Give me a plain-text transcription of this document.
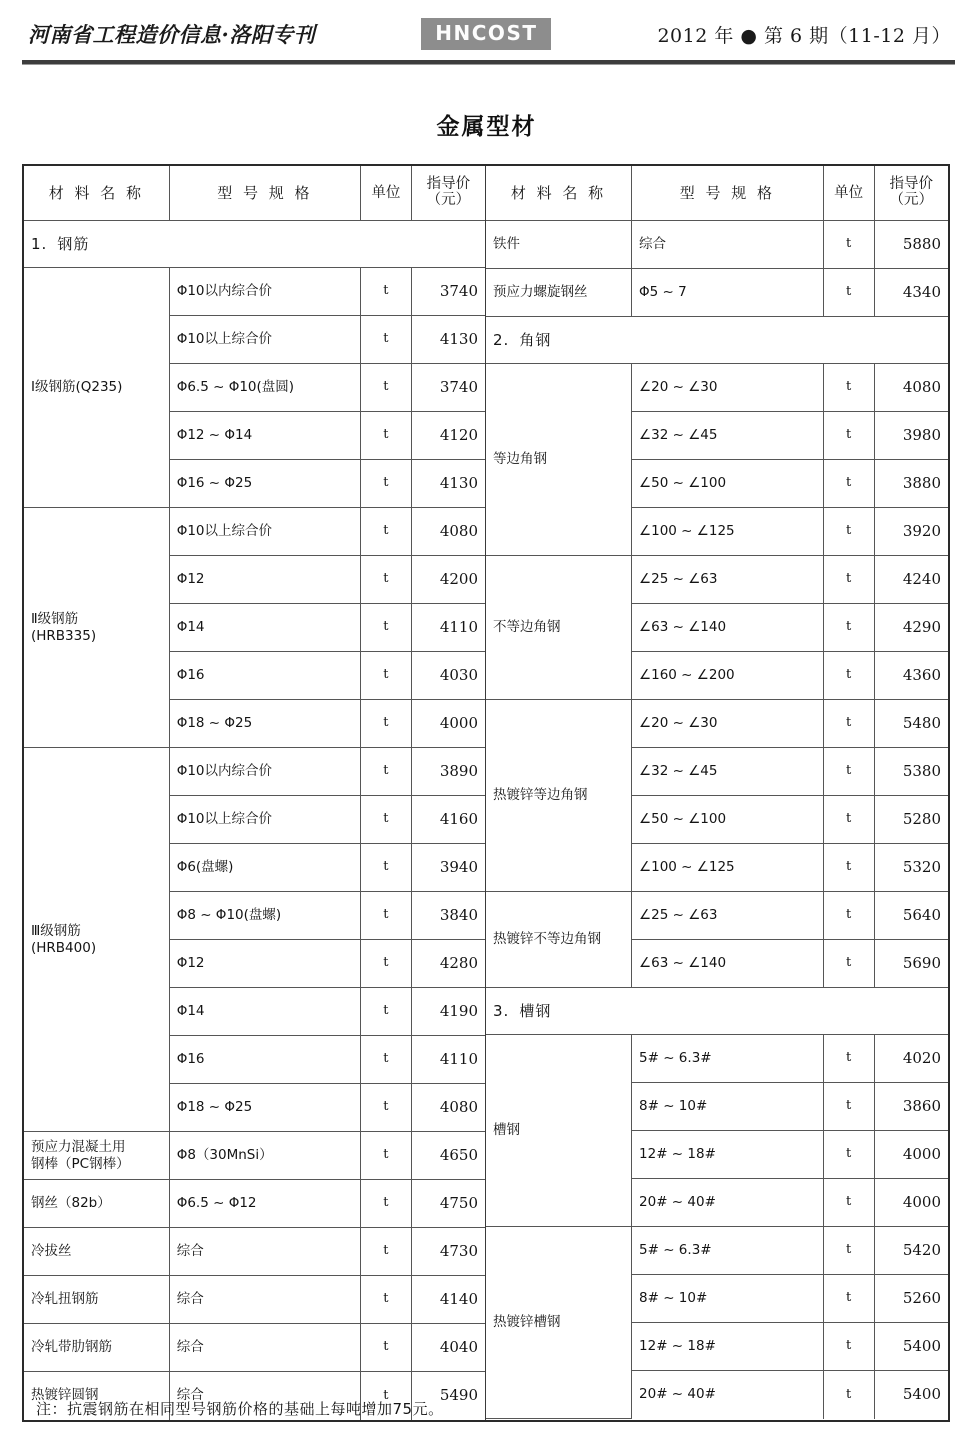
河南省工程造价信息·洛阳专刊	HNCOST	2012 年 ● 第 6 期（11-12 月）
金属型材
材 料 名 称	型 号 规 格	单位	指导价
（元）

1. 钢筋			

Ⅰ级钢筋(Q235)	Φ10以内综合价	t	3740
	Φ10以上综合价	t	4130
	Φ6.5 ~ Φ10(盘圆)	t	3740
	Φ12 ~ Φ14	t	4120
	Φ16 ~ Φ25	t	4130

Ⅱ级钢筋
(HRB335)	Φ10以上综合价	t	4080
	Φ12	t	4200
	Φ14	t	4110
	Φ16	t	4030
	Φ18 ~ Φ25	t	4000

Ⅲ级钢筋
(HRB400)	Φ10以内综合价	t	3890
	Φ10以上综合价	t	4160
	Φ6(盘螺)	t	3940
	Φ8 ~ Φ10(盘螺)	t	3840
	Φ12	t	4280
	Φ14	t	4190
	Φ16	t	4110
	Φ18 ~ Φ25	t	4080

预应力混凝土用
钢棒（PC钢棒）	Φ8（30MnSi）	t	4650

钢丝（82b）	Φ6.5 ~ Φ12	t	4750

冷拔丝	综合	t	4730

冷轧扭钢筋	综合	t	4140

冷轧带肋钢筋	综合	t	4040

热镀锌圆钢	综合	t	5490
材 料 名 称	型 号 规 格	单位	指导价
（元）

铁件	综合	t	5880

预应力螺旋钢丝	Φ5 ~ 7	t	4340
2. 角钢			

等边角钢	∠20 ~ ∠30	t	4080
	∠32 ~ ∠45	t	3980
	∠50 ~ ∠100	t	3880
	∠100 ~ ∠125	t	3920

不等边角钢	∠25 ~ ∠63	t	4240
	∠63 ~ ∠140	t	4290
	∠160 ~ ∠200	t	4360

热镀锌等边角钢	∠20 ~ ∠30	t	5480
	∠32 ~ ∠45	t	5380
	∠50 ~ ∠100	t	5280
	∠100 ~ ∠125	t	5320

热镀锌不等边角钢	∠25 ~ ∠63	t	5640
	∠63 ~ ∠140	t	5690
3. 槽钢			

槽钢	5# ~ 6.3#	t	4020
	8# ~ 10#	t	3860
	12# ~ 18#	t	4000
	20# ~ 40#	t	4000

热镀锌槽钢	5# ~ 6.3#	t	5420
	8# ~ 10#	t	5260
	12# ~ 18#	t	5400
	20# ~ 40#	t	5400
注：抗震钢筋在相同型号钢筋价格的基础上每吨增加75元。
